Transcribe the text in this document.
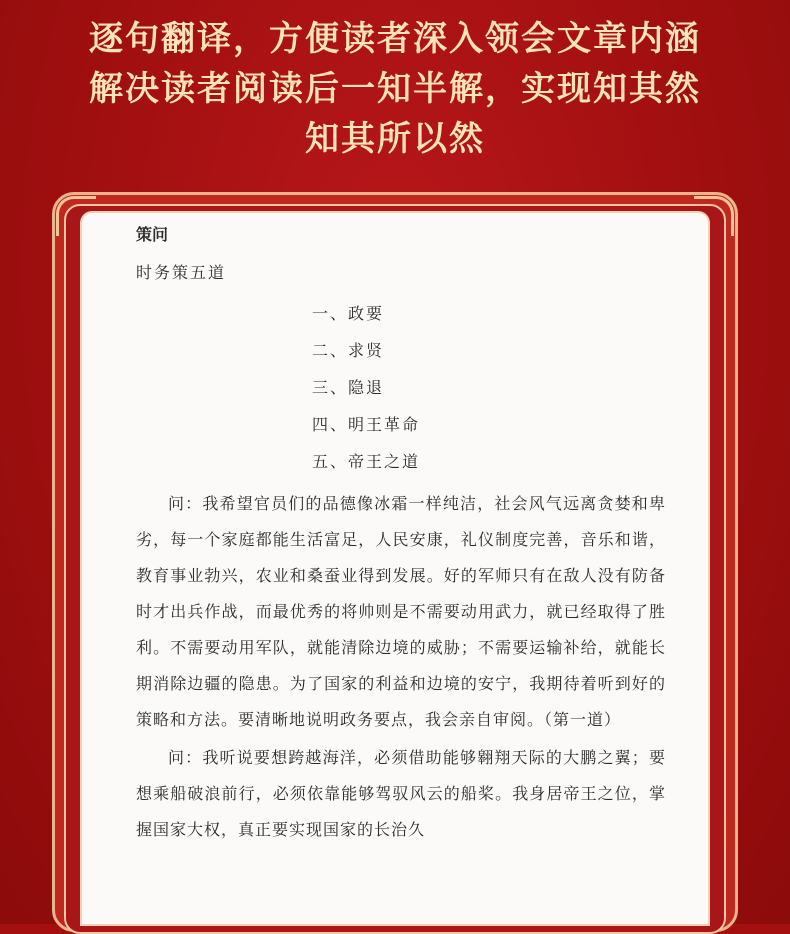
逐句翻译，方便读者深入领会文章内涵
解决读者阅读后一知半解，实现知其然
知其所以然
策问
时务策五道
一、政要
二、求贤
三、隐退
四、明王革命
五、帝王之道

问：我希望官员们的品德像冰霜一样纯洁，社会风气远离贪婪和卑劣，每一个家庭都能生活富足，人民安康，礼仪制度完善，音乐和谐，教育事业勃兴，农业和桑蚕业得到发展。好的军师只有在敌人没有防备时才出兵作战，而最优秀的将帅则是不需要动用武力，就已经取得了胜利。不需要动用军队，就能清除边境的威胁；不需要运输补给，就能长期消除边疆的隐患。为了国家的利益和边境的安宁，我期待着听到好的策略和方法。要清晰地说明政务要点，我会亲自审阅。（第一道）

问：我听说要想跨越海洋，必须借助能够翱翔天际的大鹏之翼；要想乘船破浪前行，必须依靠能够驾驭风云的船桨。我身居帝王之位，掌握国家大权，真正要实现国家的长治久
